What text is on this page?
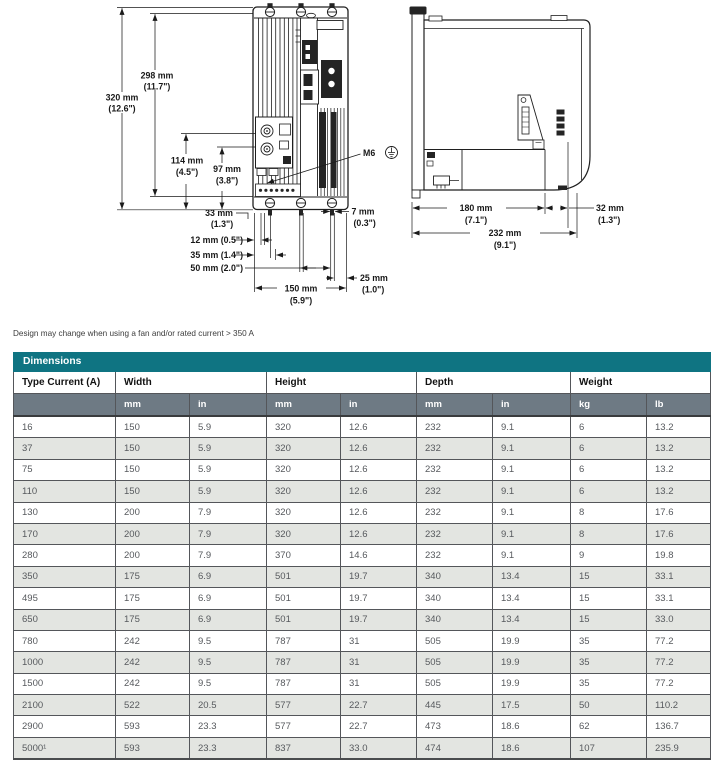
320 mm
(12.6")
298 mm
(11.7")
114 mm
(4.5") 97 mm
(3.8")
33 mm
(1.3")
12 mm (0.5")
35 mm (1.4")
50 mm (2.0")
7 mm
(0.3")
25 mm
(1.0")
150 mm
(5.9")
M6
180 mm
(7.1")
32 mm
(1.3")
232 mm
(9.1")
Design may change when using a fan and/or rated current > 350 A
Dimensions								
Type Current (A)	Width		Height		Depth		Weight	
	mm	in	mm	in	mm	in	kg	lb
16	150	5.9	320	12.6	232	9.1	6	13.2
37	150	5.9	320	12.6	232	9.1	6	13.2
75	150	5.9	320	12.6	232	9.1	6	13.2
110	150	5.9	320	12.6	232	9.1	6	13.2
130	200	7.9	320	12.6	232	9.1	8	17.6
170	200	7.9	320	12.6	232	9.1	8	17.6
280	200	7.9	370	14.6	232	9.1	9	19.8
350	175	6.9	501	19.7	340	13.4	15	33.1
495	175	6.9	501	19.7	340	13.4	15	33.1
650	175	6.9	501	19.7	340	13.4	15	33.0
780	242	9.5	787	31	505	19.9	35	77.2
1000	242	9.5	787	31	505	19.9	35	77.2
1500	242	9.5	787	31	505	19.9	35	77.2
2100	522	20.5	577	22.7	445	17.5	50	110.2
2900	593	23.3	577	22.7	473	18.6	62	136.7
5000¹	593	23.3	837	33.0	474	18.6	107	235.9
